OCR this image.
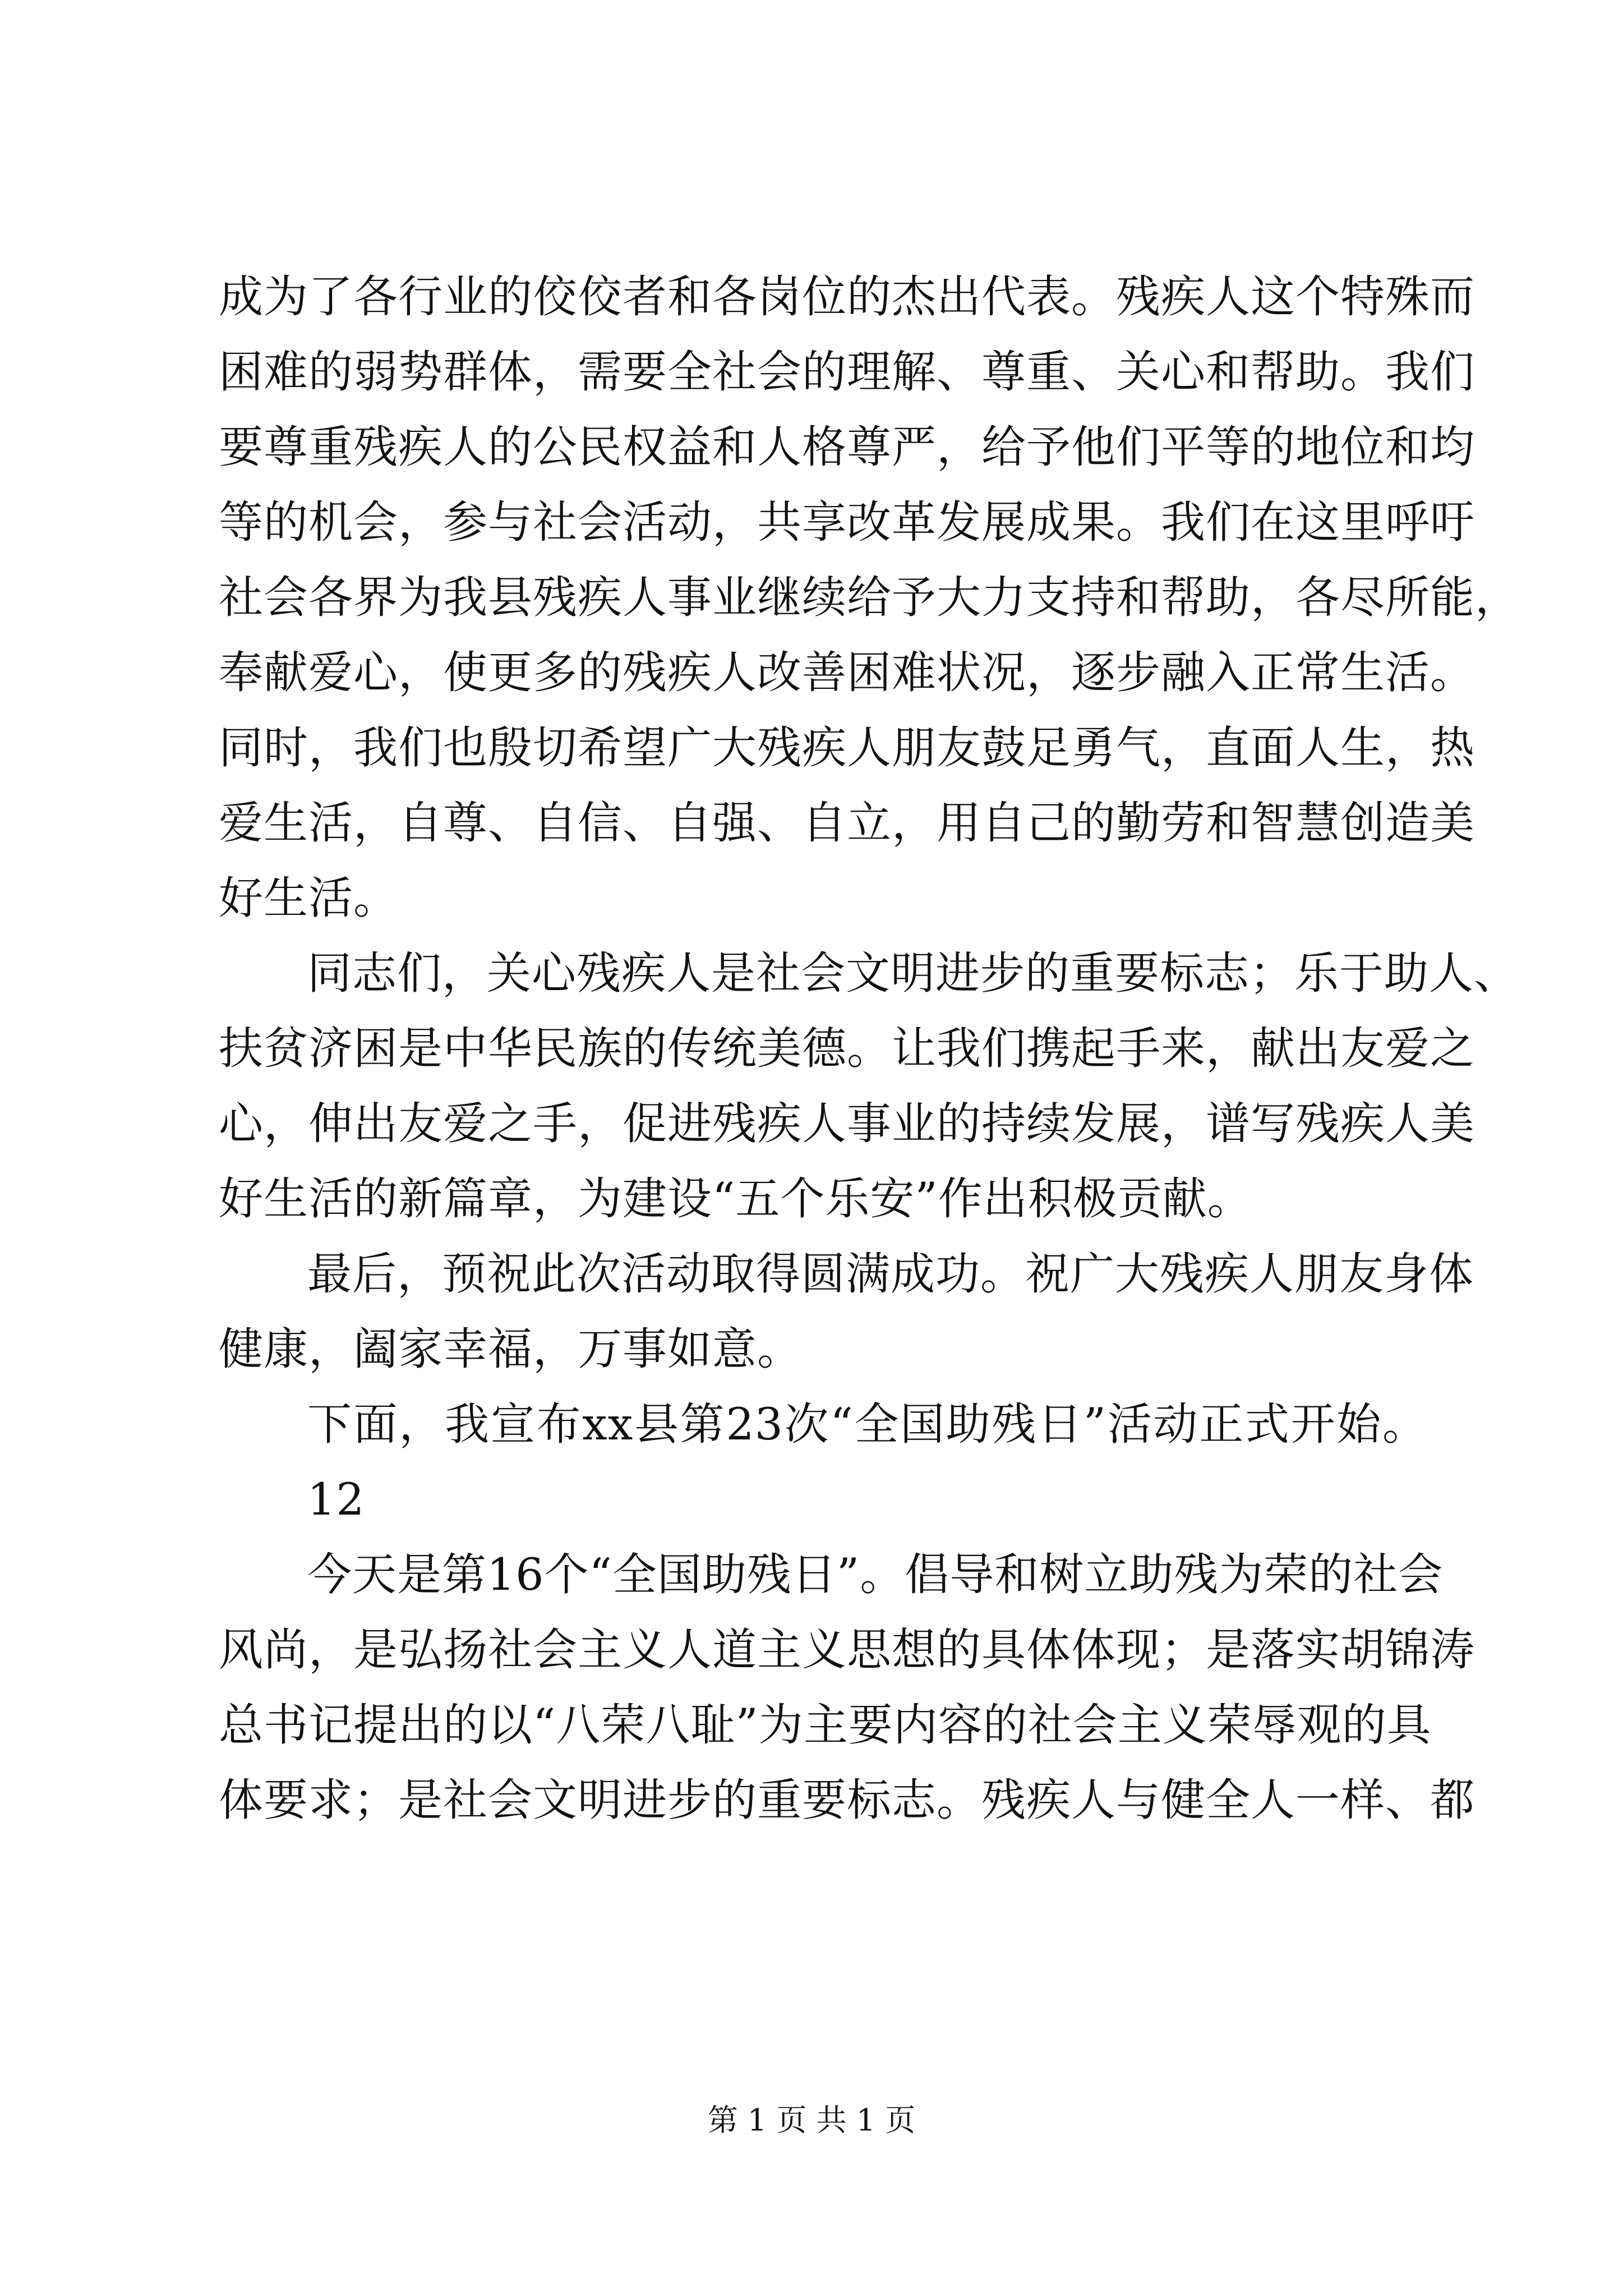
成为了各行业的佼佼者和各岗位的杰出代表。残疾人这个特殊而
困难的弱势群体，需要全社会的理解、尊重、关心和帮助。我们
要尊重残疾人的公民权益和人格尊严，给予他们平等的地位和均
等的机会，参与社会活动，共享改革发展成果。我们在这里呼吁
社会各界为我县残疾人事业继续给予大力支持和帮助，各尽所能，
奉献爱心，使更多的残疾人改善困难状况，逐步融入正常生活。
同时，我们也殷切希望广大残疾人朋友鼓足勇气，直面人生，热
爱生活，自尊、自信、自强、自立，用自己的勤劳和智慧创造美
好生活。
同志们，关心残疾人是社会文明进步的重要标志；乐于助人、
扶贫济困是中华民族的传统美德。让我们携起手来，献出友爱之
心，伸出友爱之手，促进残疾人事业的持续发展，谱写残疾人美
好生活的新篇章，为建设“五个乐安”作出积极贡献。
最后，预祝此次活动取得圆满成功。祝广大残疾人朋友身体
健康，阖家幸福，万事如意。
下面，我宣布xx县第23次“全国助残日”活动正式开始。
12
今天是第16个“全国助残日”。倡导和树立助残为荣的社会
风尚，是弘扬社会主义人道主义思想的具体体现；是落实胡锦涛
总书记提出的以“八荣八耻”为主要内容的社会主义荣辱观的具
体要求；是社会文明进步的重要标志。残疾人与健全人一样、都
第 1 页 共 1 页
